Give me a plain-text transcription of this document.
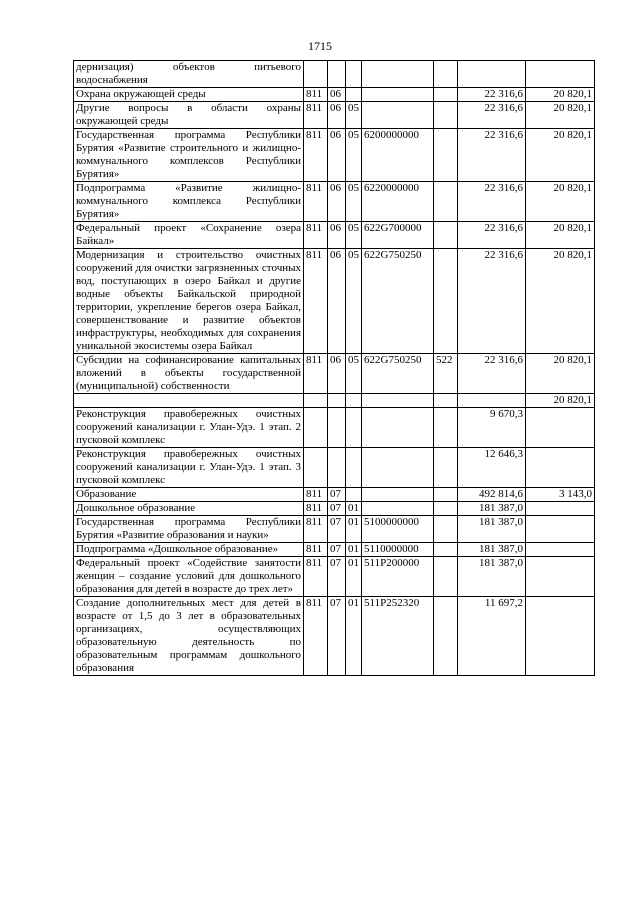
1715
дернизация) объектов питьевого водоснабжения							
Охрана окружающей среды	811	06				22 316,6	20 820,1
Другие вопросы в области охраны окружающей среды	811	06	05			22 316,6	20 820,1
Государственная программа Республики Бурятия «Развитие строительного и жилищно-коммунального комплексов Республики Бурятия»	811	06	05	6200000000		22 316,6	20 820,1
Подпрограмма «Развитие жилищно-коммунального комплекса Республики Бурятия»	811	06	05	6220000000		22 316,6	20 820,1
Федеральный проект «Сохранение озера Байкал»	811	06	05	622G700000		22 316,6	20 820,1
Модернизация и строительство очистных сооружений для очистки загрязненных сточных вод, поступающих в озеро Байкал и другие водные объекты Байкальской природной территории, укрепление берегов озера Байкал, совершенствование и развитие объектов инфраструктуры, необходимых для сохранения уникальной экосистемы озера Байкал	811	06	05	622G750250		22 316,6	20 820,1
Субсидии на софинансирование капитальных вложений в объекты государственной (муниципальной) собственности	811	06	05	622G750250	522	22 316,6	20 820,1
							20 820,1
Реконструкция правобережных очистных сооружений канализации г. Улан-Удэ. 1 этап. 2 пусковой комплекс						9 670,3	
Реконструкция правобережных очистных сооружений канализации г. Улан-Удэ. 1 этап. 3 пусковой комплекс						12 646,3	
Образование	811	07				492 814,6	3 143,0
Дошкольное образование	811	07	01			181 387,0	
Государственная программа Республики Бурятия «Развитие образования и науки»	811	07	01	5100000000		181 387,0	
Подпрограмма «Дошкольное образование»	811	07	01	5110000000		181 387,0	
Федеральный проект «Содействие занятости женщин – создание условий для дошкольного образования для детей в возрасте до трех лет»	811	07	01	511P200000		181 387,0	
Создание дополнительных мест для детей в возрасте от 1,5 до 3 лет в образовательных организациях, осуществляющих образовательную деятельность по образовательным программам дошкольного образования	811	07	01	511P252320		11 697,2	
